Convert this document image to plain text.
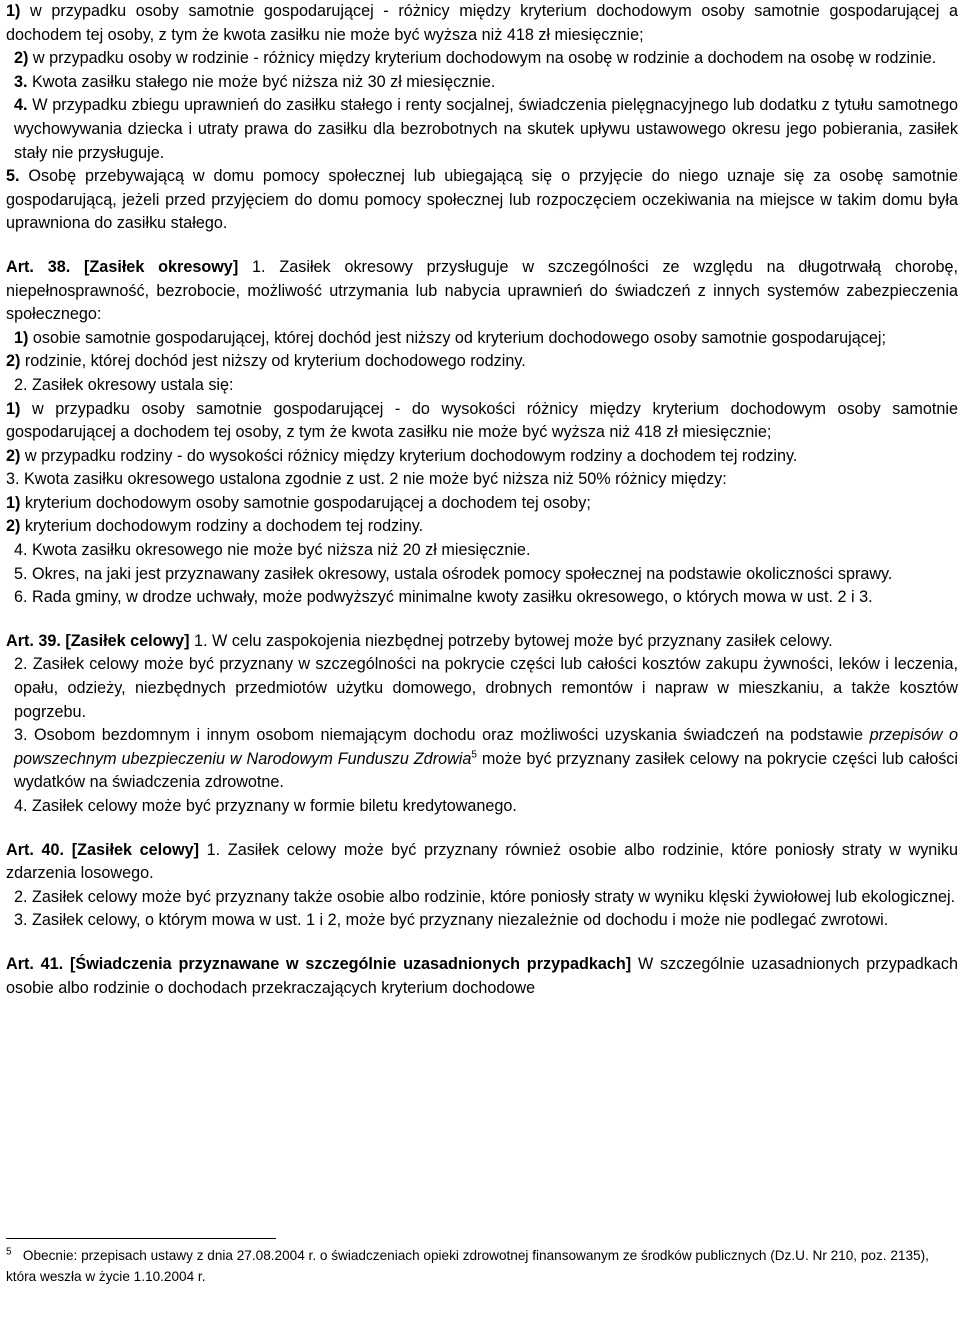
1) w przypadku osoby samotnie gospodarującej - różnicy między kryterium dochodowym osoby samotnie gospodarującej a dochodem tej osoby, z tym że kwota zasiłku nie może być wyższa niż 418 zł miesięcznie;

2) w przypadku osoby w rodzinie - różnicy między kryterium dochodowym na osobę w rodzinie a dochodem na osobę w rodzinie.

3. Kwota zasiłku stałego nie może być niższa niż 30 zł miesięcznie.

4. W przypadku zbiegu uprawnień do zasiłku stałego i renty socjalnej, świadczenia pielęgnacyjnego lub dodatku z tytułu samotnego wychowywania dziecka i utraty prawa do zasiłku dla bezrobotnych na skutek upływu ustawowego okresu jego pobierania, zasiłek stały nie przysługuje.

5. Osobę przebywającą w domu pomocy społecznej lub ubiegającą się o przyjęcie do niego uznaje się za osobę samotnie gospodarującą, jeżeli przed przyjęciem do domu pomocy społecznej lub rozpoczęciem oczekiwania na miejsce w takim domu była uprawniona do zasiłku stałego.

Art. 38. [Zasiłek okresowy] 1. Zasiłek okresowy przysługuje w szczególności ze względu na długotrwałą chorobę, niepełnosprawność, bezrobocie, możliwość utrzymania lub nabycia uprawnień do świadczeń z innych systemów zabezpieczenia społecznego:

1) osobie samotnie gospodarującej, której dochód jest niższy od kryterium dochodowego osoby samotnie gospodarującej;

2) rodzinie, której dochód jest niższy od kryterium dochodowego rodziny.

2. Zasiłek okresowy ustala się:

1) w przypadku osoby samotnie gospodarującej - do wysokości różnicy między kryterium dochodowym osoby samotnie gospodarującej a dochodem tej osoby, z tym że kwota zasiłku nie może być wyższa niż 418 zł miesięcznie;

2) w przypadku rodziny - do wysokości różnicy między kryterium dochodowym rodziny a dochodem tej rodziny.

3. Kwota zasiłku okresowego ustalona zgodnie z ust. 2 nie może być niższa niż 50% różnicy między:

1) kryterium dochodowym osoby samotnie gospodarującej a dochodem tej osoby;

2) kryterium dochodowym rodziny a dochodem tej rodziny.

4. Kwota zasiłku okresowego nie może być niższa niż 20 zł miesięcznie.

5. Okres, na jaki jest przyznawany zasiłek okresowy, ustala ośrodek pomocy społecznej na podstawie okoliczności sprawy.

6. Rada gminy, w drodze uchwały, może podwyższyć minimalne kwoty zasiłku okresowego, o których mowa w ust. 2 i 3.

Art. 39. [Zasiłek celowy] 1. W celu zaspokojenia niezbędnej potrzeby bytowej może być przyznany zasiłek celowy.

2. Zasiłek celowy może być przyznany w szczególności na pokrycie części lub całości kosztów zakupu żywności, leków i leczenia, opału, odzieży, niezbędnych przedmiotów użytku domowego, drobnych remontów i napraw w mieszkaniu, a także kosztów pogrzebu.

3. Osobom bezdomnym i innym osobom niemającym dochodu oraz możliwości uzyskania świadczeń na podstawie przepisów o powszechnym ubezpieczeniu w Narodowym Funduszu Zdrowia$^5$ może być przyznany zasiłek celowy na pokrycie części lub całości wydatków na świadczenia zdrowotne.

4. Zasiłek celowy może być przyznany w formie biletu kredytowanego.

Art. 40. [Zasiłek celowy] 1. Zasiłek celowy może być przyznany również osobie albo rodzinie, które poniosły straty w wyniku zdarzenia losowego.

2. Zasiłek celowy może być przyznany także osobie albo rodzinie, które poniosły straty w wyniku klęski żywiołowej lub ekologicznej.

3. Zasiłek celowy, o którym mowa w ust. 1 i 2, może być przyznany niezależnie od dochodu i może nie podlegać zwrotowi.

Art. 41. [Świadczenia przyznawane w szczególnie uzasadnionych przypadkach] W szczególnie uzasadnionych przypadkach osobie albo rodzinie o dochodach przekraczających kryterium dochodowe

$^5$ Obecnie: przepisach ustawy z dnia 27.08.2004 r. o świadczeniach opieki zdrowotnej finansowanym ze środków publicznych (Dz.U. Nr 210, poz. 2135), która weszła w życie 1.10.2004 r.
